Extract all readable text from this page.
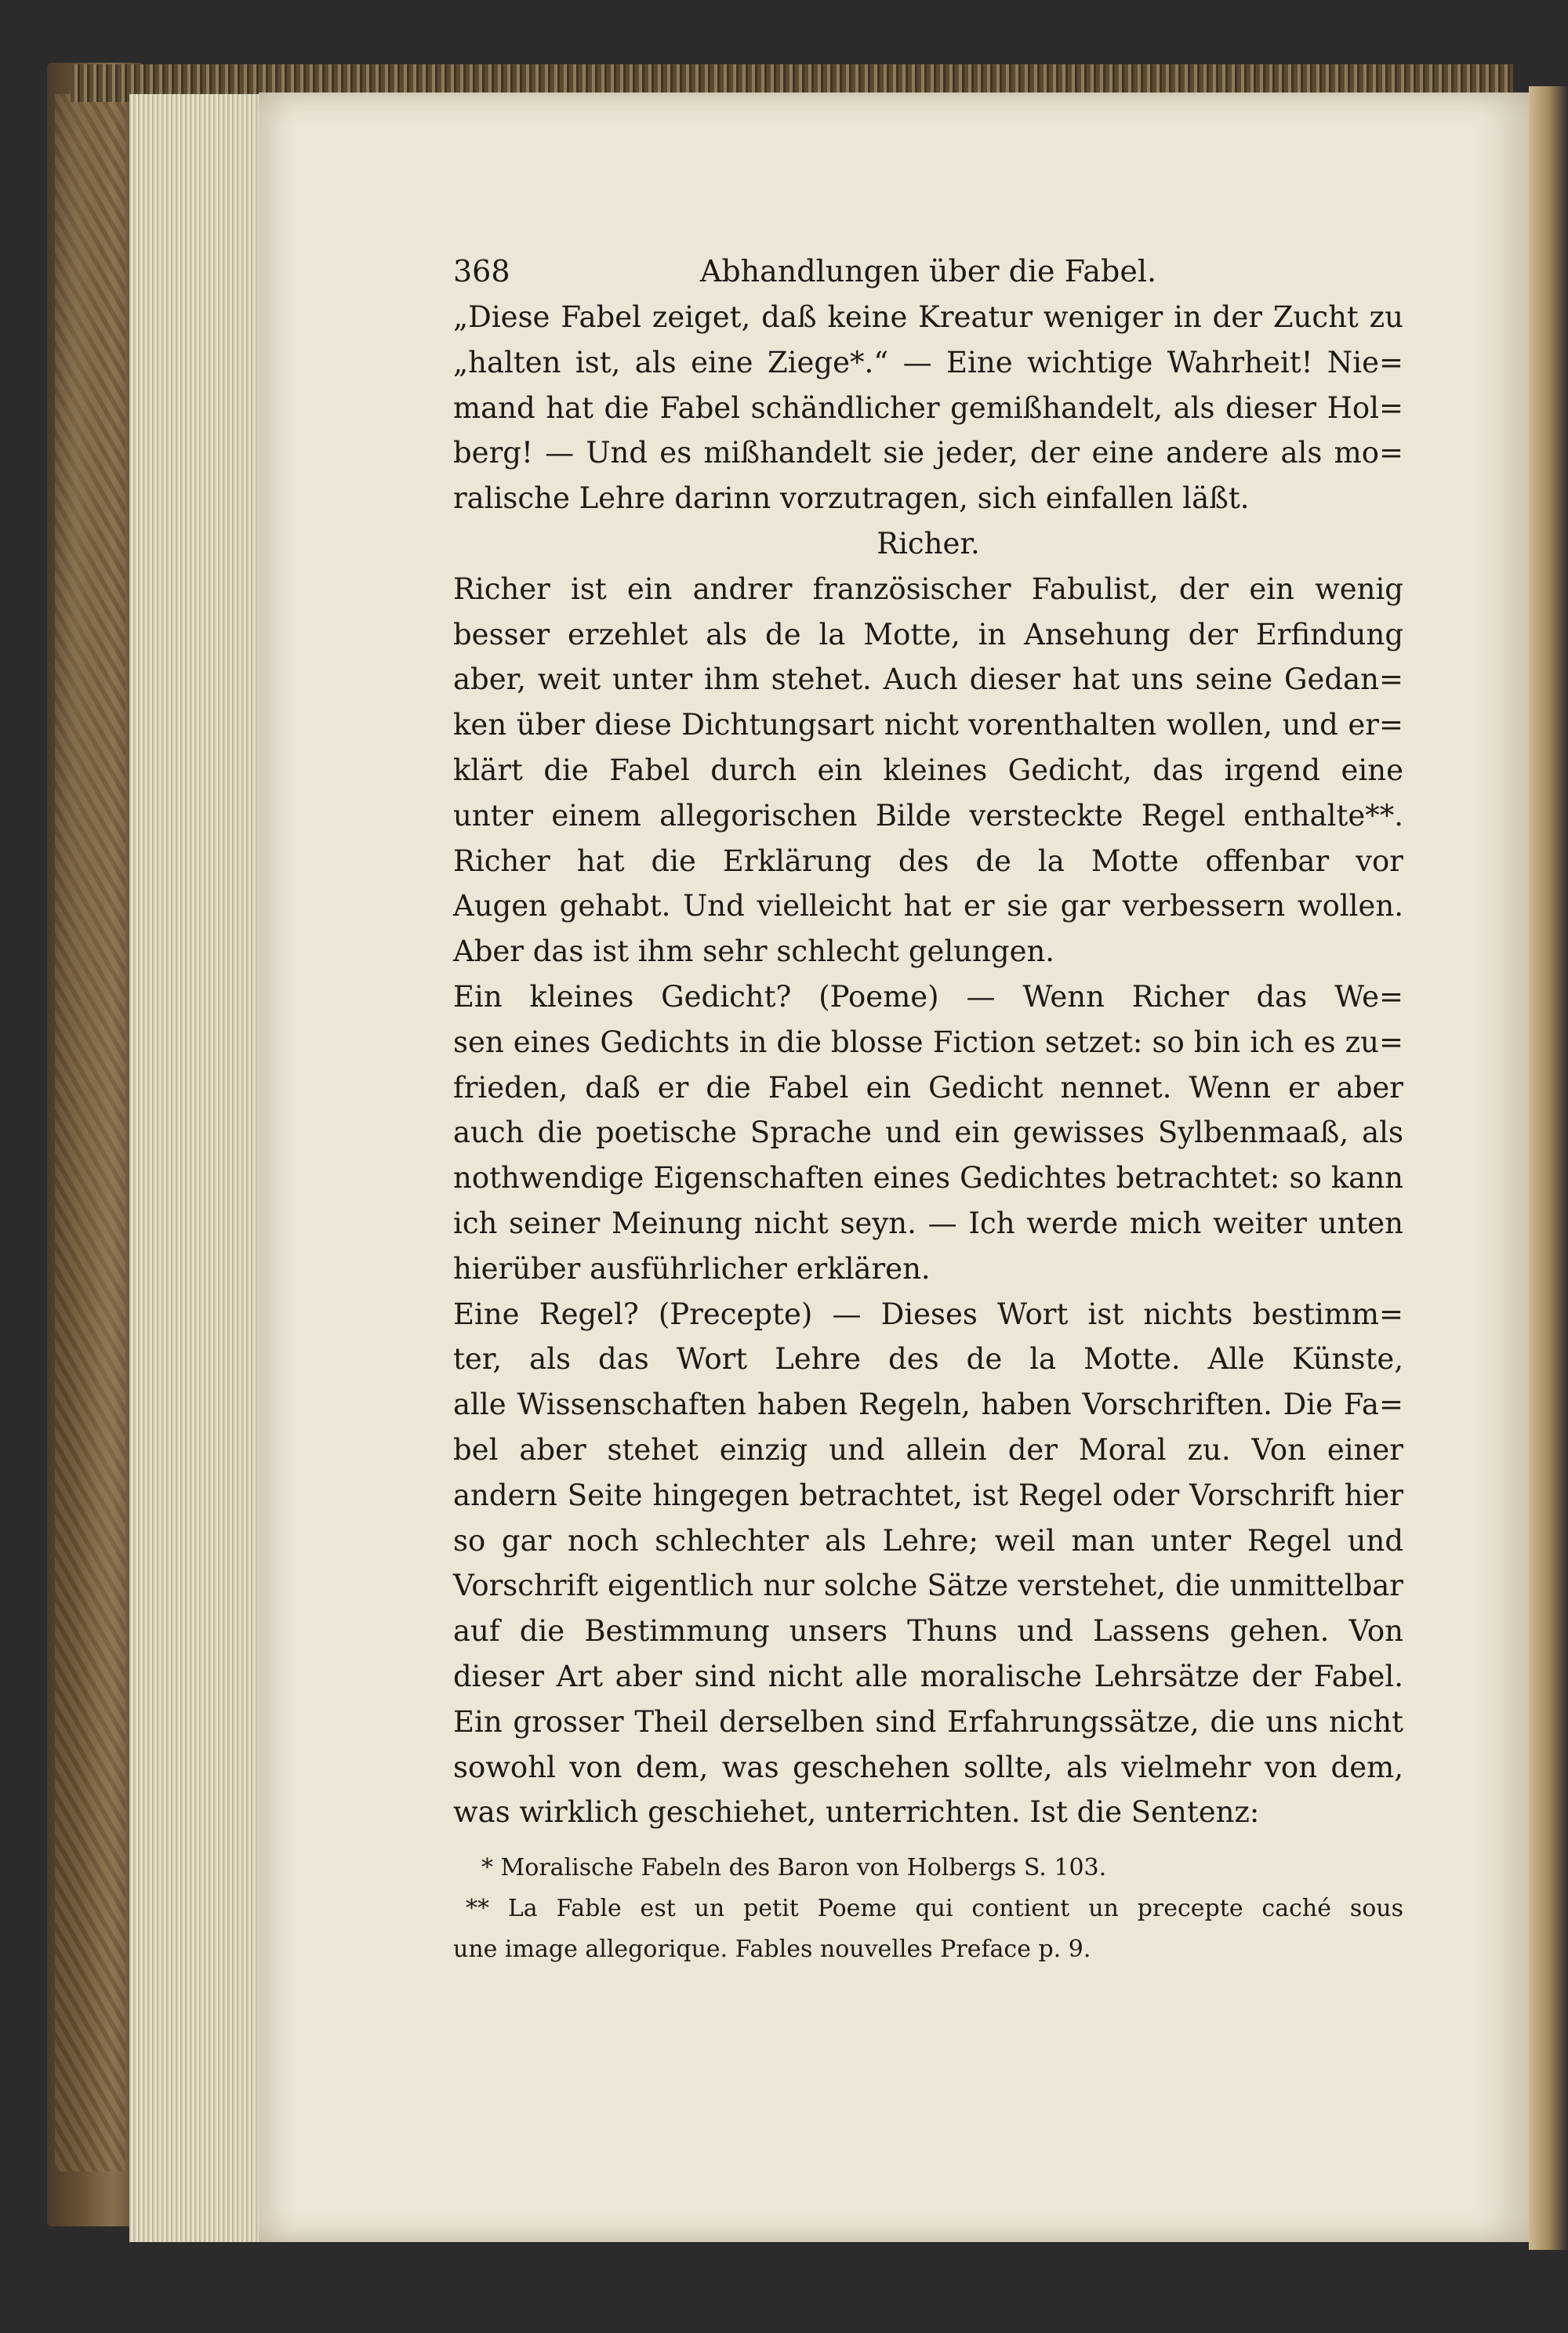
368	Abhandlungen über die Fabel.
„Diese Fabel zeiget, daß keine Kreatur weniger in der Zucht zu
„halten ist, als eine Ziege*.“ — Eine wichtige Wahrheit! Nie=
mand hat die Fabel schändlicher gemißhandelt, als dieser Hol=
berg! — Und es mißhandelt sie jeder, der eine andere als mo=
ralische Lehre darinn vorzutragen, sich einfallen läßt.
Richer.
Richer ist ein andrer französischer Fabulist, der ein wenig
besser erzehlet als de la Motte, in Ansehung der Erfindung
aber, weit unter ihm stehet. Auch dieser hat uns seine Gedan=
ken über diese Dichtungsart nicht vorenthalten wollen, und er=
klärt die Fabel durch ein kleines Gedicht, das irgend eine
unter einem allegorischen Bilde versteckte Regel enthalte**.
Richer hat die Erklärung des de la Motte offenbar vor
Augen gehabt. Und vielleicht hat er sie gar verbessern wollen.
Aber das ist ihm sehr schlecht gelungen.
Ein kleines Gedicht? (Poeme) — Wenn Richer das We=
sen eines Gedichts in die blosse Fiction setzet: so bin ich es zu=
frieden, daß er die Fabel ein Gedicht nennet. Wenn er aber
auch die poetische Sprache und ein gewisses Sylbenmaaß, als
nothwendige Eigenschaften eines Gedichtes betrachtet: so kann
ich seiner Meinung nicht seyn. — Ich werde mich weiter unten
hierüber ausführlicher erklären.
Eine Regel? (Precepte) — Dieses Wort ist nichts bestimm=
ter, als das Wort Lehre des de la Motte. Alle Künste,
alle Wissenschaften haben Regeln, haben Vorschriften. Die Fa=
bel aber stehet einzig und allein der Moral zu. Von einer
andern Seite hingegen betrachtet, ist Regel oder Vorschrift hier
so gar noch schlechter als Lehre; weil man unter Regel und
Vorschrift eigentlich nur solche Sätze verstehet, die unmittelbar
auf die Bestimmung unsers Thuns und Lassens gehen. Von
dieser Art aber sind nicht alle moralische Lehrsätze der Fabel.
Ein grosser Theil derselben sind Erfahrungssätze, die uns nicht
sowohl von dem, was geschehen sollte, als vielmehr von dem,
was wirklich geschiehet, unterrichten. Ist die Sentenz:
* Moralische Fabeln des Baron von Holbergs S. 103.
** La Fable est un petit Poeme qui contient un precepte caché sous
une image allegorique. Fables nouvelles Preface p. 9.
